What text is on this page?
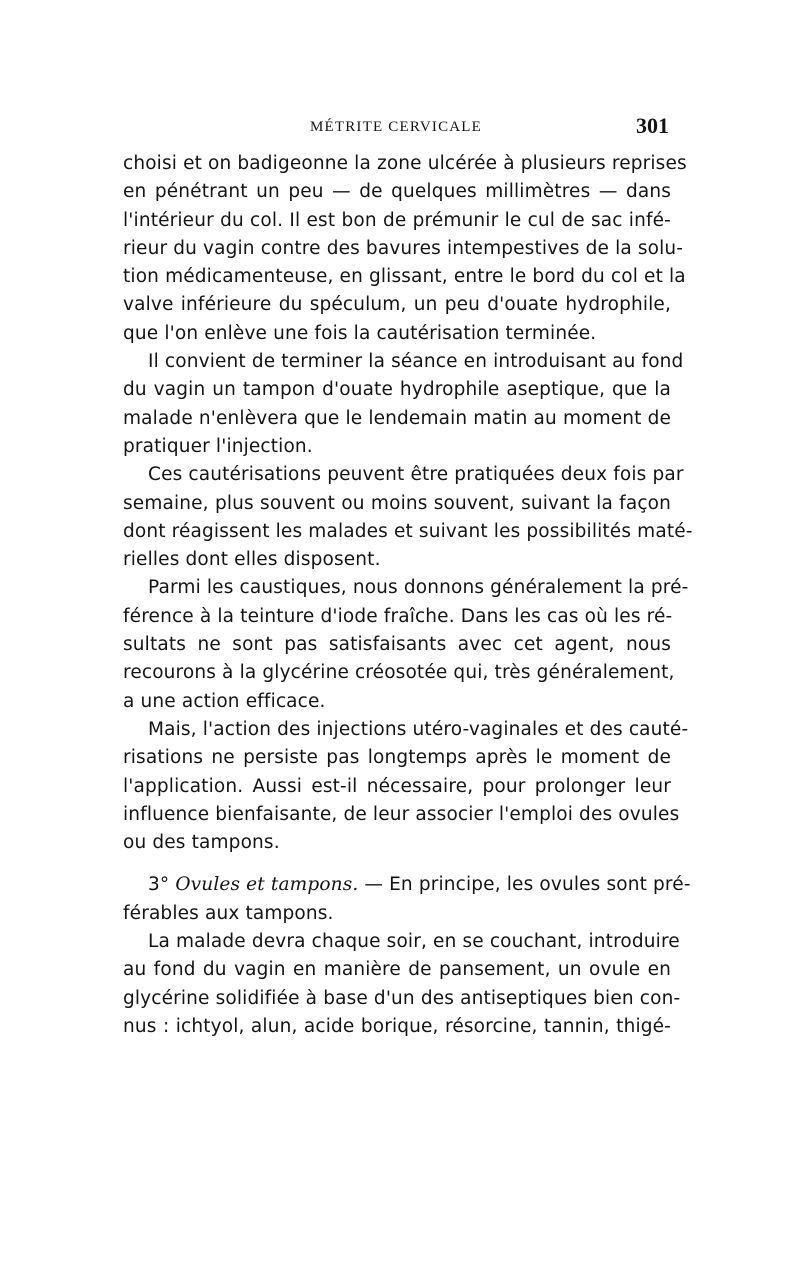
MÉTRITE CERVICALE	301
choisi et on badigeonne la zone ulcérée à plusieurs reprises
en pénétrant un peu — de quelques millimètres — dans
l'intérieur du col. Il est bon de prémunir le cul de sac infé-
rieur du vagin contre des bavures intempestives de la solu-
tion médicamenteuse, en glissant, entre le bord du col et la
valve inférieure du spéculum, un peu d'ouate hydrophile,
que l'on enlève une fois la cautérisation terminée.
Il convient de terminer la séance en introduisant au fond
du vagin un tampon d'ouate hydrophile aseptique, que la
malade n'enlèvera que le lendemain matin au moment de
pratiquer l'injection.
Ces cautérisations peuvent être pratiquées deux fois par
semaine, plus souvent ou moins souvent, suivant la façon
dont réagissent les malades et suivant les possibilités maté-
rielles dont elles disposent.
Parmi les caustiques, nous donnons généralement la pré-
férence à la teinture d'iode fraîche. Dans les cas où les ré-
sultats ne sont pas satisfaisants avec cet agent, nous
recourons à la glycérine créosotée qui, très généralement,
a une action efficace.
Mais, l'action des injections utéro-vaginales et des cauté-
risations ne persiste pas longtemps après le moment de
l'application. Aussi est-il nécessaire, pour prolonger leur
influence bienfaisante, de leur associer l'emploi des ovules
ou des tampons.
3° Ovules et tampons. — En principe, les ovules sont pré-
férables aux tampons.
La malade devra chaque soir, en se couchant, introduire
au fond du vagin en manière de pansement, un ovule en
glycérine solidifiée à base d'un des antiseptiques bien con-
nus : ichtyol, alun, acide borique, résorcine, tannin, thigé-
